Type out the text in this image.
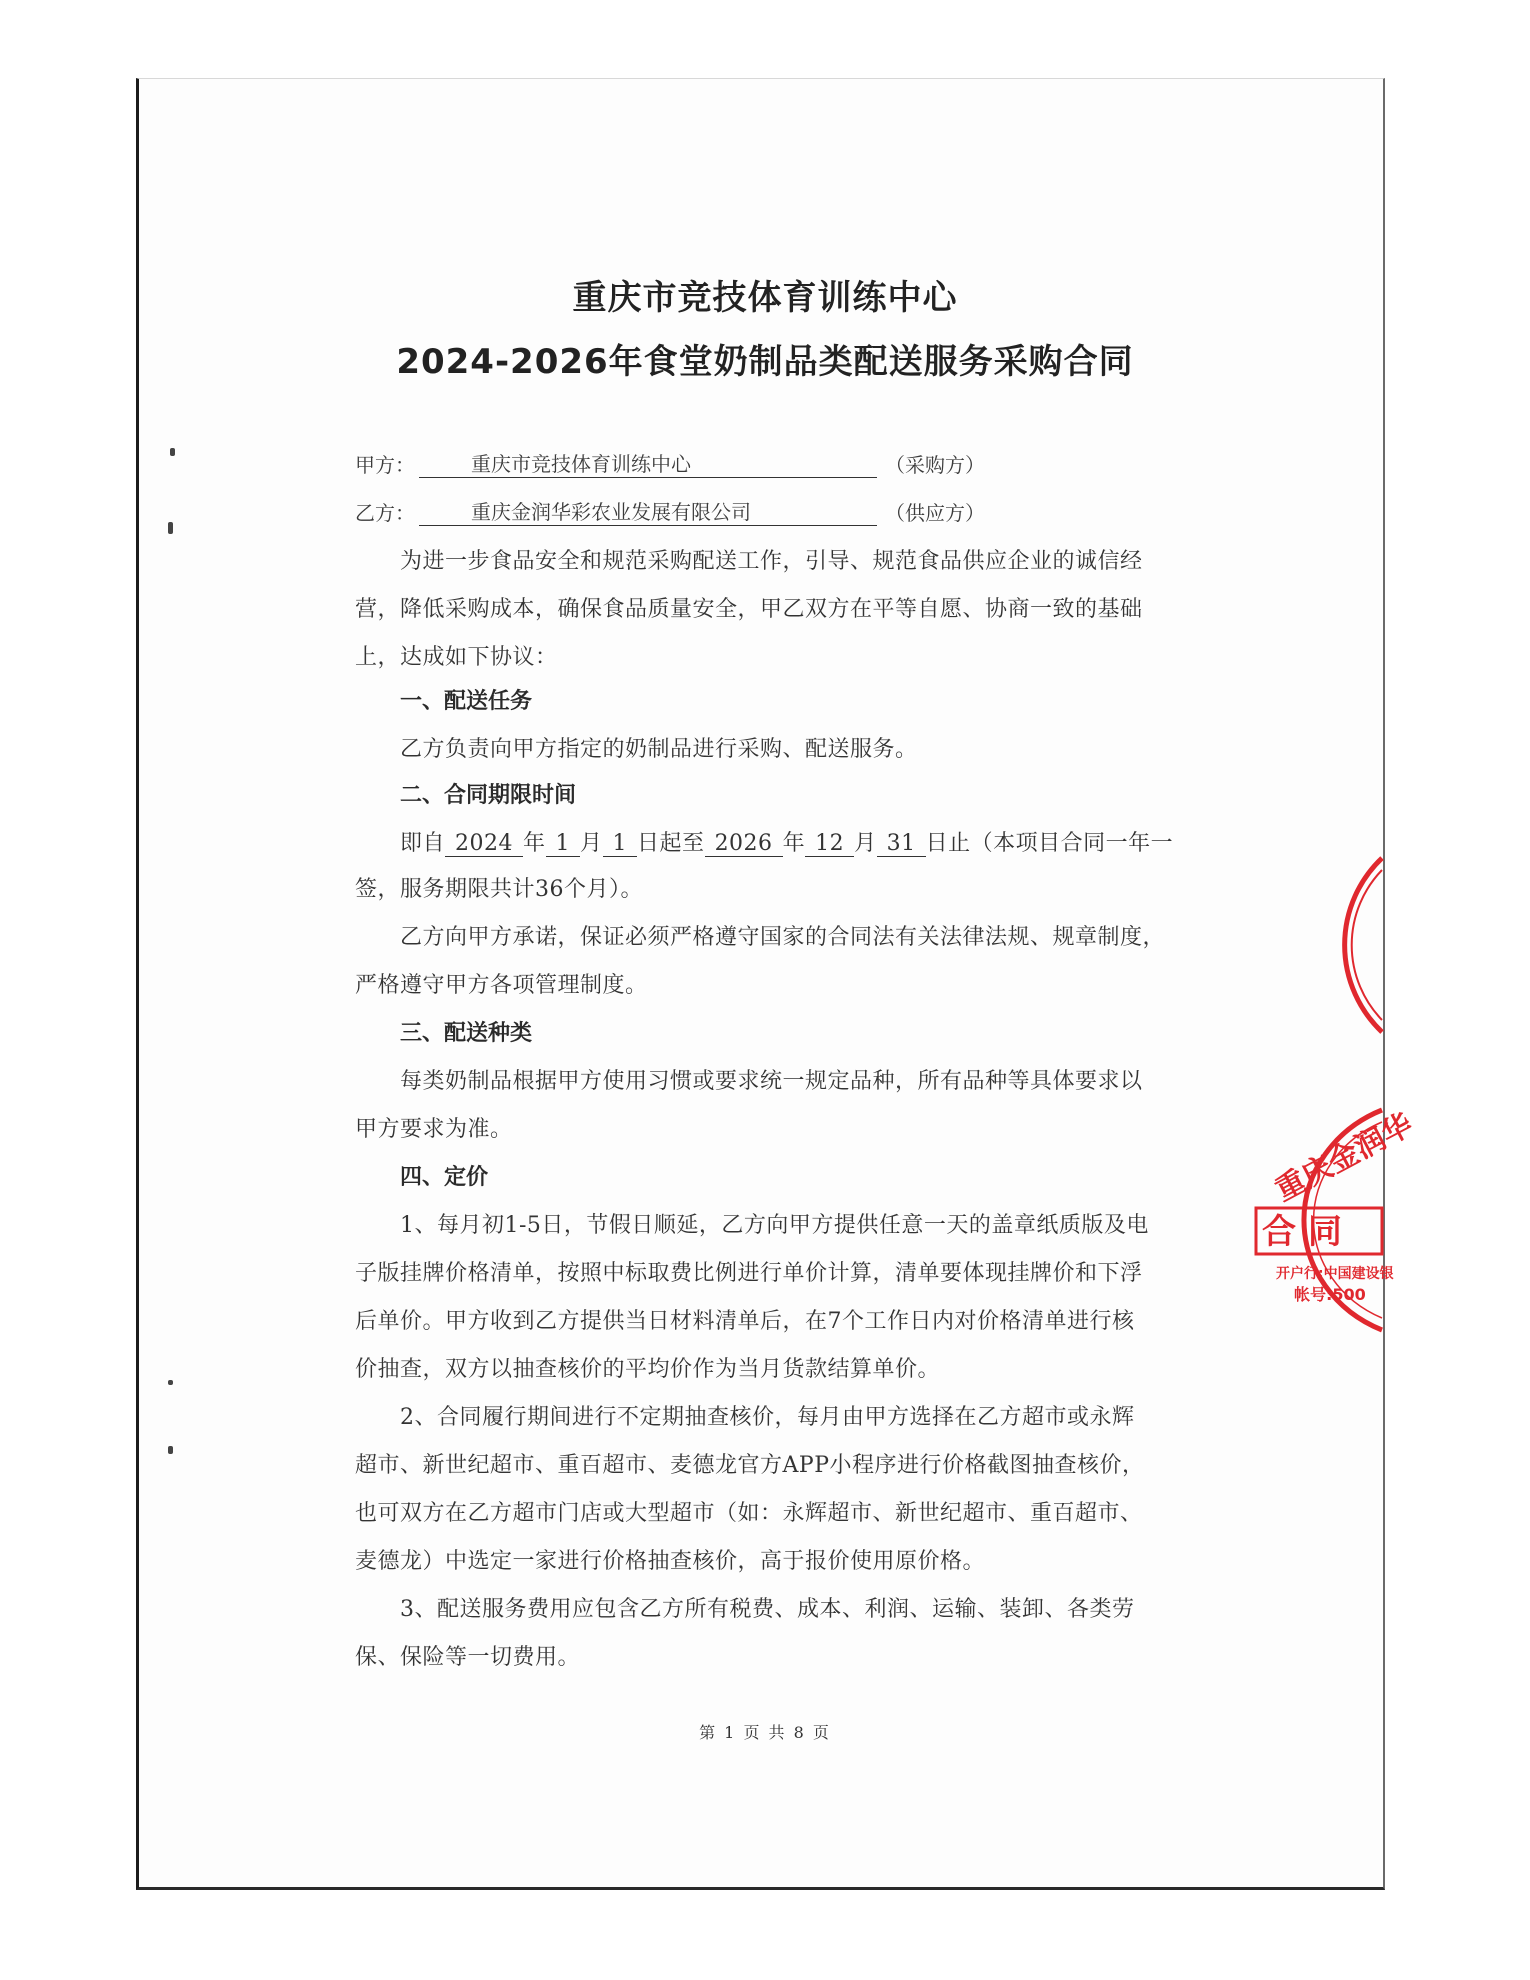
重庆市竞技体育训练中心
2024-2026年食堂奶制品类配送服务采购合同
甲方：	重庆市竞技体育训练中心	（采购方）
乙方：	重庆金润华彩农业发展有限公司	（供应方）
为进一步食品安全和规范采购配送工作，引导、规范食品供应企业的诚信经
营，降低采购成本，确保食品质量安全，甲乙双方在平等自愿、协商一致的基础
上，达成如下协议：
一、配送任务
乙方负责向甲方指定的奶制品进行采购、配送服务。
二、合同期限时间
即自 2024 年 1 月 1 日起至 2026 年 12 月 31 日止（本项目合同一年一
签，服务期限共计36个月）。
乙方向甲方承诺，保证必须严格遵守国家的合同法有关法律法规、规章制度，
严格遵守甲方各项管理制度。
三、配送种类
每类奶制品根据甲方使用习惯或要求统一规定品种，所有品种等具体要求以
甲方要求为准。
四、定价
1、每月初1-5日，节假日顺延，乙方向甲方提供任意一天的盖章纸质版及电
子版挂牌价格清单，按照中标取费比例进行单价计算，清单要体现挂牌价和下浮
后单价。甲方收到乙方提供当日材料清单后，在7个工作日内对价格清单进行核
价抽查，双方以抽查核价的平均价作为当月货款结算单价。
2、合同履行期间进行不定期抽查核价，每月由甲方选择在乙方超市或永辉
超市、新世纪超市、重百超市、麦德龙官方APP小程序进行价格截图抽查核价，
也可双方在乙方超市门店或大型超市（如：永辉超市、新世纪超市、重百超市、
麦德龙）中选定一家进行价格抽查核价，高于报价使用原价格。
3、配送服务费用应包含乙方所有税费、成本、利润、运输、装卸、各类劳
保、保险等一切费用。
第 1 页 共 8 页
重庆金润华
合 同
开户行:中国建设银
帐号:500
